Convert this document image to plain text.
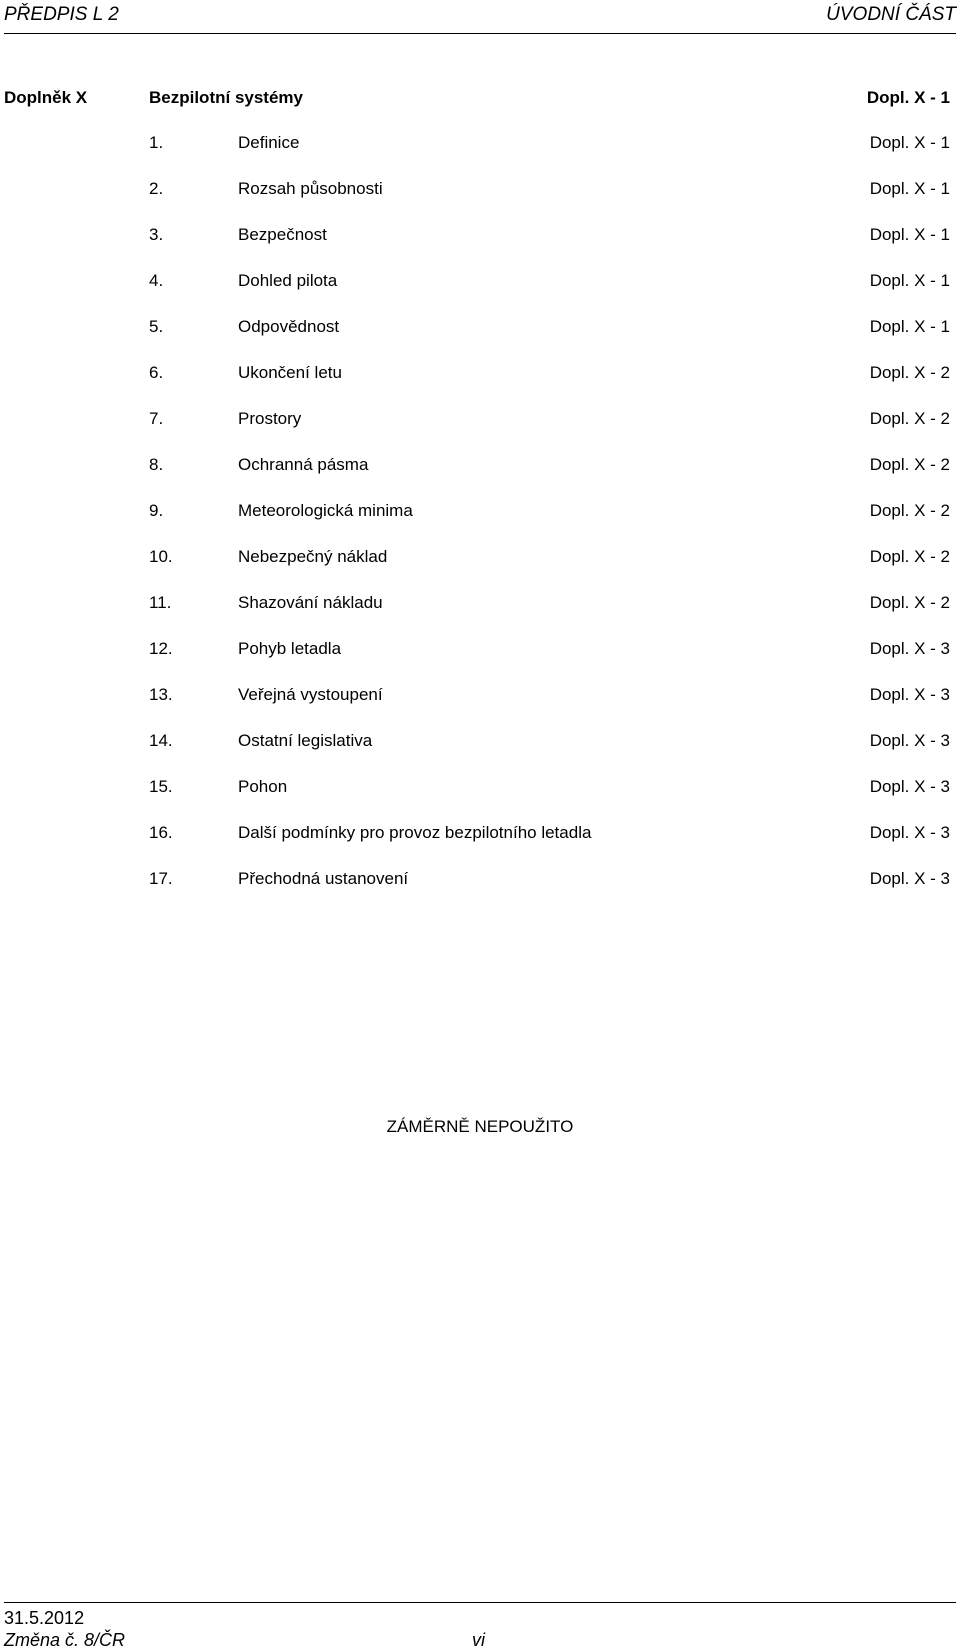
PŘEDPIS L 2	ÚVODNÍ ČÁST
Doplněk X	Bezpilotní systémy	Dopl. X - 1
1.	Definice	Dopl. X - 1
2.	Rozsah působnosti	Dopl. X - 1
3.	Bezpečnost	Dopl. X - 1
4.	Dohled pilota	Dopl. X - 1
5.	Odpovědnost	Dopl. X - 1
6.	Ukončení letu	Dopl. X - 2
7.	Prostory	Dopl. X - 2
8.	Ochranná pásma	Dopl. X - 2
9.	Meteorologická minima	Dopl. X - 2
10.	Nebezpečný náklad	Dopl. X - 2
11.	Shazování nákladu	Dopl. X - 2
12.	Pohyb letadla	Dopl. X - 3
13.	Veřejná vystoupení	Dopl. X - 3
14.	Ostatní legislativa	Dopl. X - 3
15.	Pohon	Dopl. X - 3
16.	Další podmínky pro provoz bezpilotního letadla	Dopl. X - 3
17.	Přechodná ustanovení	Dopl. X - 3
ZÁMĚRNĚ NEPOUŽITO
31.5.2012
Změna č. 8/ČR	vi
